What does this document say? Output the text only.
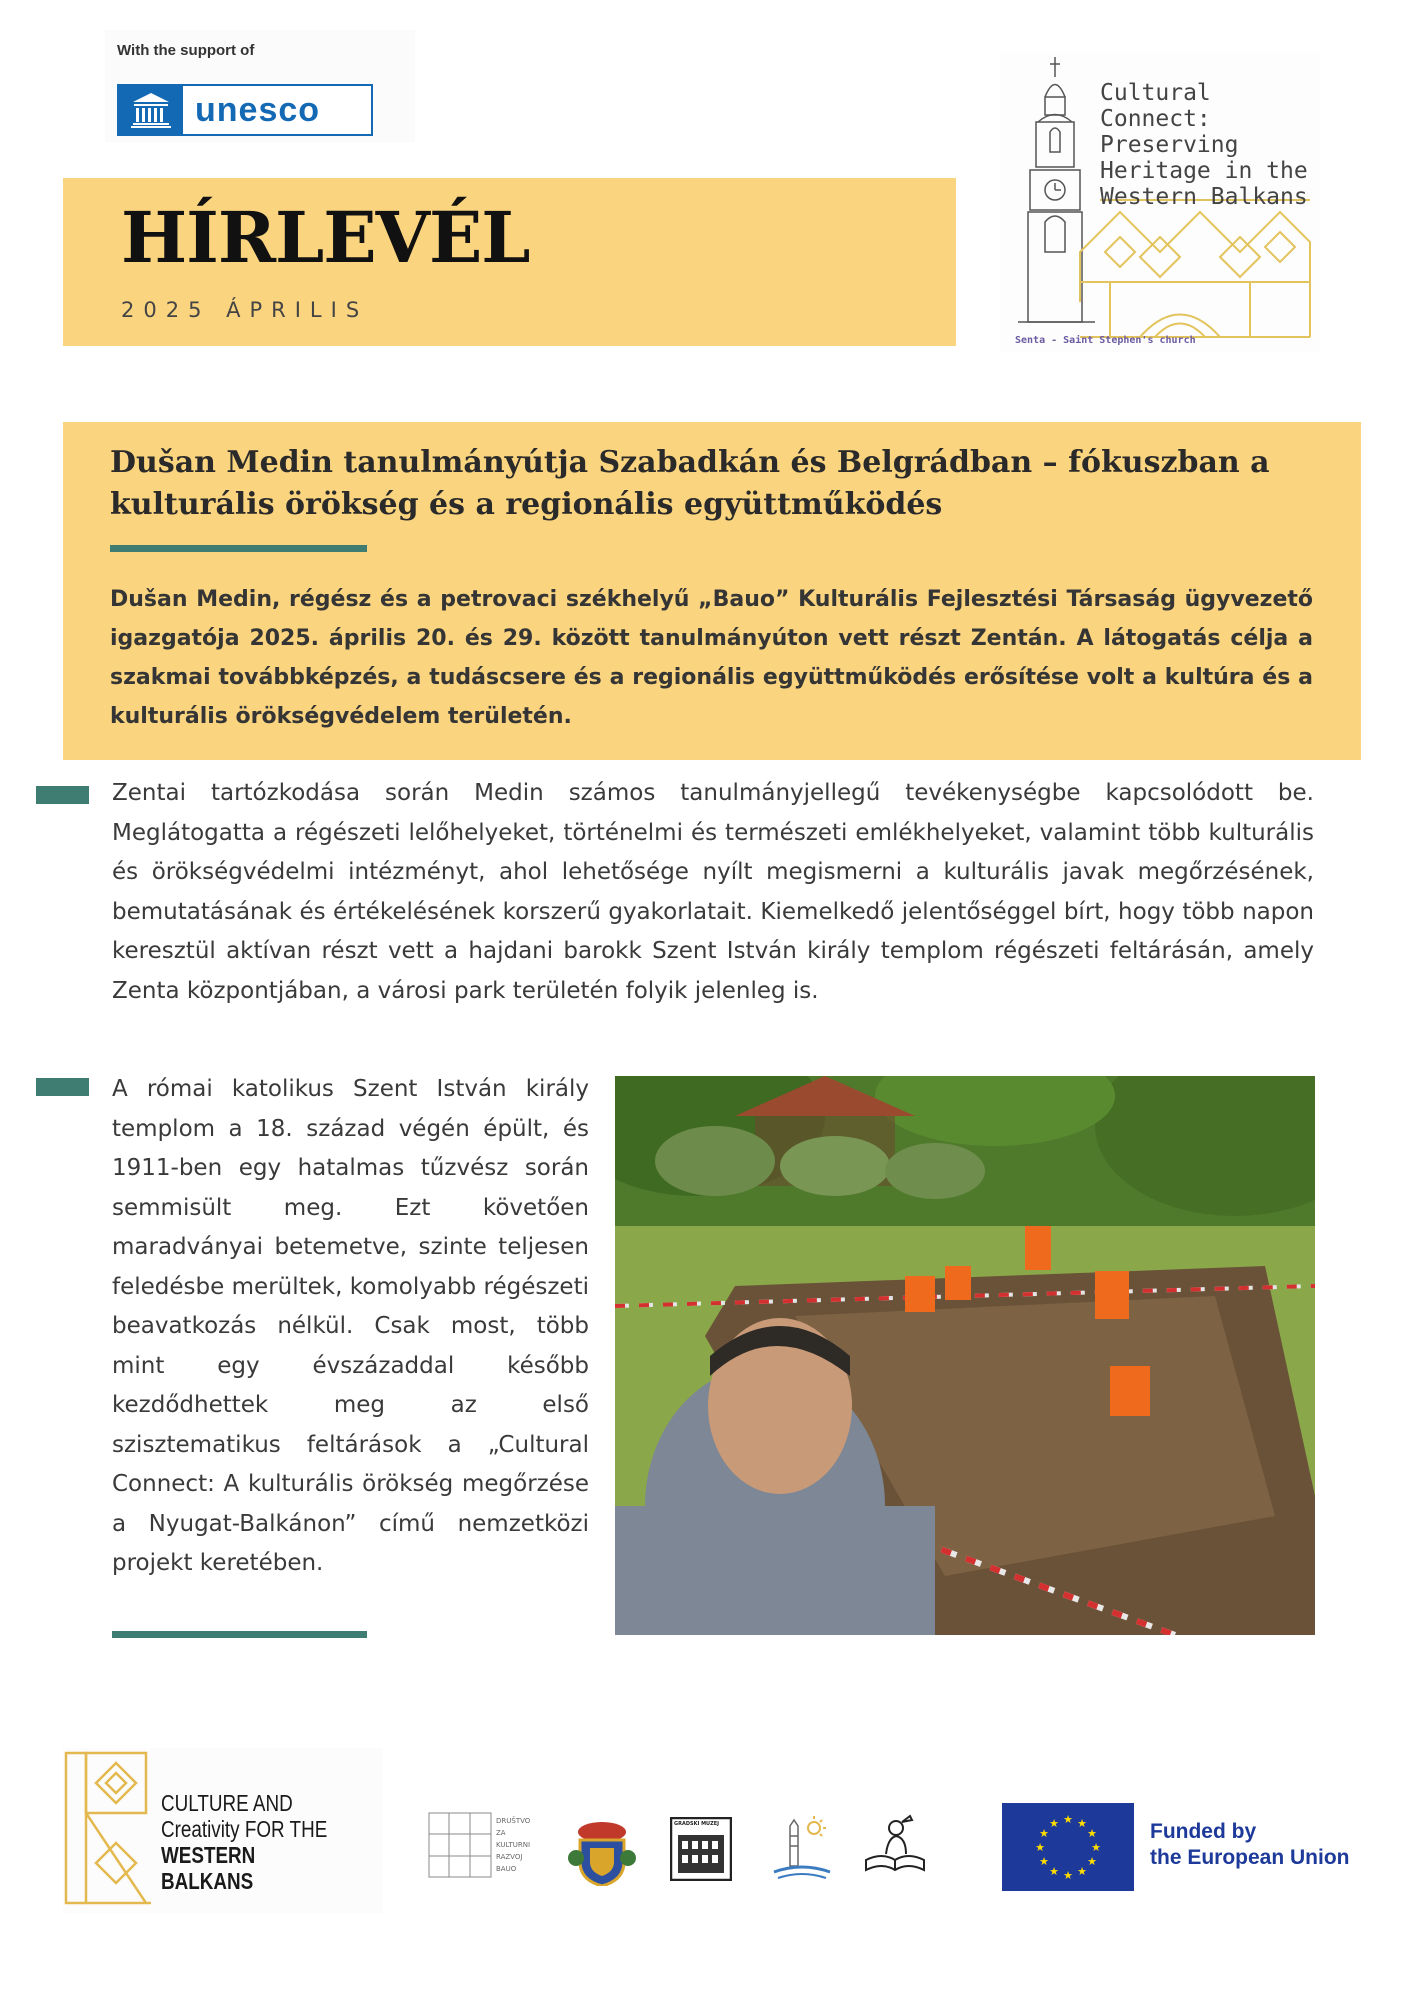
With the support of
unesco
HÍRLEVÉL
2025 ÁPRILIS
Cultural Connect:
Preserving
Heritage in the
Western Balkans
Senta - Saint Stephen's church
Dušan Medin tanulmányútja Szabadkán és Belgrádban – fókuszban a kulturális örökség és a regionális együttműködés
Dušan Medin, régész és a petrovaci székhelyű „Bauo” Kulturális Fejlesztési Társaság ügyvezető igazgatója 2025. április 20. és 29. között tanulmányúton vett részt Zentán. A látogatás célja a szakmai továbbképzés, a tudáscsere és a regionális együttműködés erősítése volt a kultúra és a kulturális örökségvédelem területén.
Zentai tartózkodása során Medin számos tanulmányjellegű tevékenységbe kapcsolódott be. Meglátogatta a régészeti lelőhelyeket, történelmi és természeti emlékhelyeket, valamint több kulturális és örökségvédelmi intézményt, ahol lehetősége nyílt megismerni a kulturális javak megőrzésének, bemutatásának és értékelésének korszerű gyakorlatait. Kiemelkedő jelentőséggel bírt, hogy több napon keresztül aktívan részt vett a hajdani barokk Szent István király templom régészeti feltárásán, amely Zenta központjában, a városi park területén folyik jelenleg is.
A római katolikus Szent István király templom a 18. század végén épült, és 1911-ben egy hatalmas tűzvész során semmisült meg. Ezt követően maradványai betemetve, szinte teljesen feledésbe merültek, komolyabb régészeti beavatkozás nélkül. Csak most, több mint egy évszázaddal később kezdődhettek meg az első szisztematikus feltárások a „Cultural Connect: A kulturális örökség megőrzése a Nyugat-Balkánon” című nemzetközi projekt keretében.
CULTURE AND
Creativity FOR THE
WESTERN BALKANS
DRUŠTVO
ZA
KULTURNI
RAZVOJ
BAUO
GRADSKI MUZEJ
SENTA
★ ★
★
★
★
★
★
★
★
★
★
★	Funded by
the European Union
